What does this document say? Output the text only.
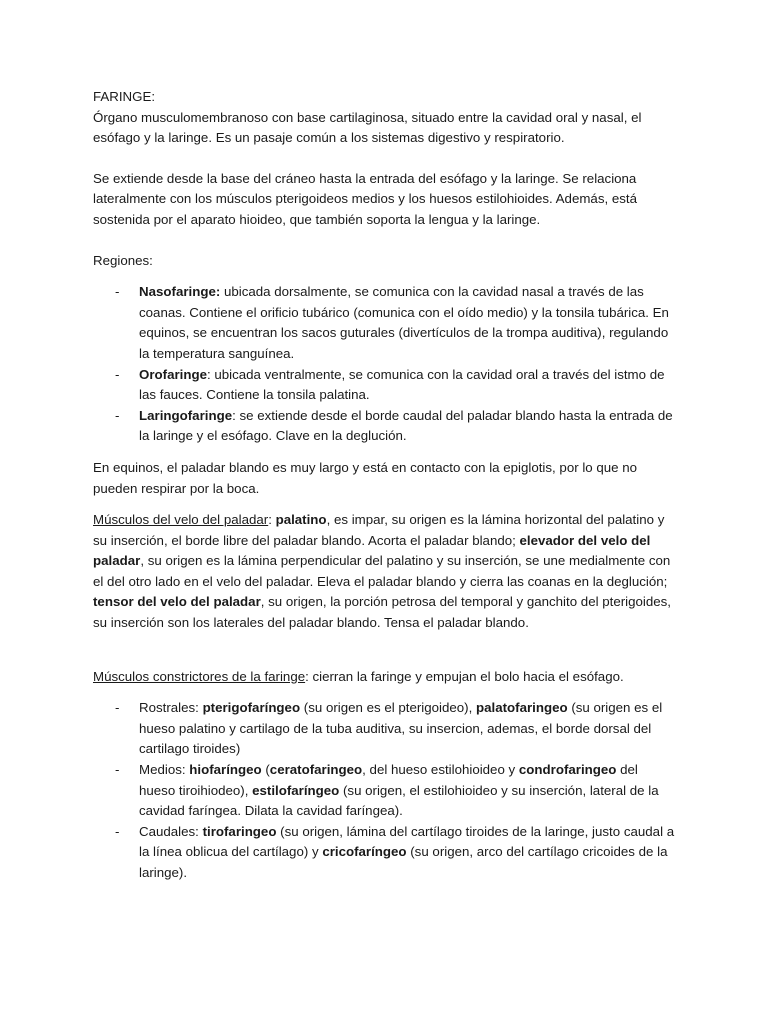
FARINGE:

Órgano musculomembranoso con base cartilaginosa, situado entre la cavidad oral y nasal, el esófago y la laringe. Es un pasaje común a los sistemas digestivo y respiratorio.

Se extiende desde la base del cráneo hasta la entrada del esófago y la laringe. Se relaciona lateralmente con los músculos pterigoideos medios y los huesos estilohioides. Además, está sostenida por el aparato hioideo, que también soporta la lengua y la laringe.

Regiones:

- Nasofaringe: ubicada dorsalmente, se comunica con la cavidad nasal a través de las coanas. Contiene el orificio tubárico (comunica con el oído medio) y la tonsila tubárica. En equinos, se encuentran los sacos guturales (divertículos de la trompa auditiva), regulando la temperatura sanguínea.
- Orofaringe: ubicada ventralmente, se comunica con la cavidad oral a través del istmo de las fauces. Contiene la tonsila palatina.
- Laringofaringe: se extiende desde el borde caudal del paladar blando hasta la entrada de la laringe y el esófago. Clave en la deglución.

En equinos, el paladar blando es muy largo y está en contacto con la epiglotis, por lo que no pueden respirar por la boca.

Músculos del velo del paladar: palatino, es impar, su origen es la lámina horizontal del palatino y su inserción, el borde libre del paladar blando. Acorta el paladar blando; elevador del velo del paladar, su origen es la lámina perpendicular del palatino y su inserción, se une medialmente con el del otro lado en el velo del paladar. Eleva el paladar blando y cierra las coanas en la deglución; tensor del velo del paladar, su origen, la porción petrosa del temporal y ganchito del pterigoides, su inserción son los laterales del paladar blando. Tensa el paladar blando.

Músculos constrictores de la faringe: cierran la faringe y empujan el bolo hacia el esófago.

- Rostrales: pterigofaríngeo (su origen es el pterigoideo), palatofaringeo (su origen es el hueso palatino y cartilago de la tuba auditiva, su insercion, ademas, el borde dorsal del cartilago tiroides)
- Medios: hiofaríngeo (ceratofaringeo, del hueso estilohioideo y condrofaringeo del hueso tiroihiodeo), estilofaríngeo (su origen, el estilohioideo y su inserción, lateral de la cavidad faríngea. Dilata la cavidad faríngea).
- Caudales: tirofaringeo (su origen, lámina del cartílago tiroides de la laringe, justo caudal a la línea oblicua del cartílago) y cricofaríngeo (su origen, arco del cartílago cricoides de la laringe).
